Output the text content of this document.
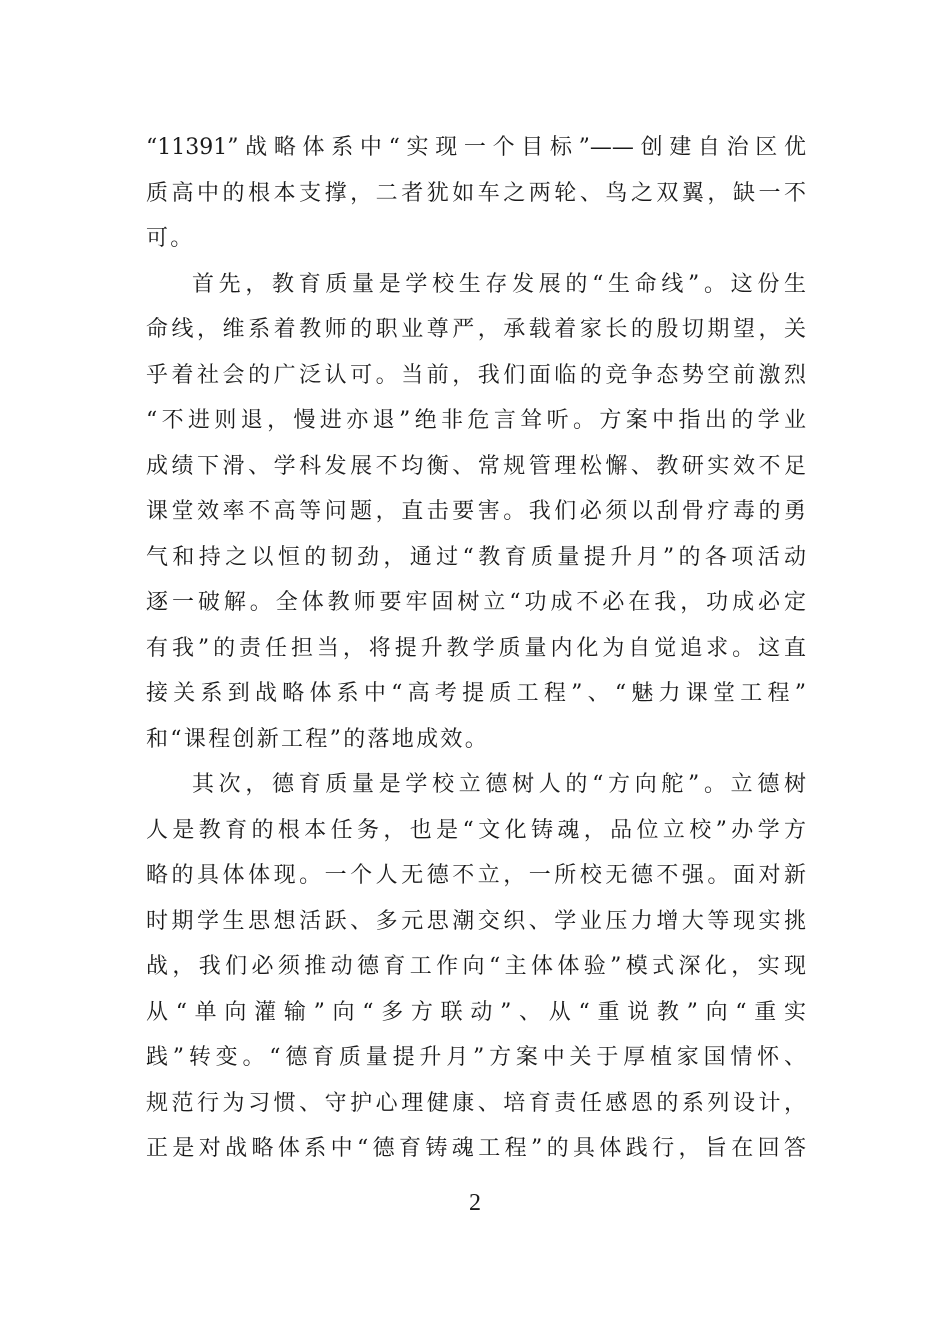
“11391”战略体系中“实现一个目标”——创建自治区优
质高中的根本支撑，二者犹如车之两轮、鸟之双翼，缺一不
可。
首先，教育质量是学校生存发展的“生命线”。这份生
命线，维系着教师的职业尊严，承载着家长的殷切期望，关
乎着社会的广泛认可。当前，我们面临的竞争态势空前激烈
“不进则退，慢进亦退”绝非危言耸听。方案中指出的学业
成绩下滑、学科发展不均衡、常规管理松懈、教研实效不足
课堂效率不高等问题，直击要害。我们必须以刮骨疗毒的勇
气和持之以恒的韧劲，通过“教育质量提升月”的各项活动
逐一破解。全体教师要牢固树立“功成不必在我，功成必定
有我”的责任担当，将提升教学质量内化为自觉追求。这直
接关系到战略体系中“高考提质工程”、“魅力课堂工程”
和“课程创新工程”的落地成效。
其次，德育质量是学校立德树人的“方向舵”。立德树
人是教育的根本任务，也是“文化铸魂，品位立校”办学方
略的具体体现。一个人无德不立，一所校无德不强。面对新
时期学生思想活跃、多元思潮交织、学业压力增大等现实挑
战，我们必须推动德育工作向“主体体验”模式深化，实现
从“单向灌输”向“多方联动”、从“重说教”向“重实
践”转变。“德育质量提升月”方案中关于厚植家国情怀、
规范行为习惯、守护心理健康、培育责任感恩的系列设计，
正是对战略体系中“德育铸魂工程”的具体践行，旨在回答
2
